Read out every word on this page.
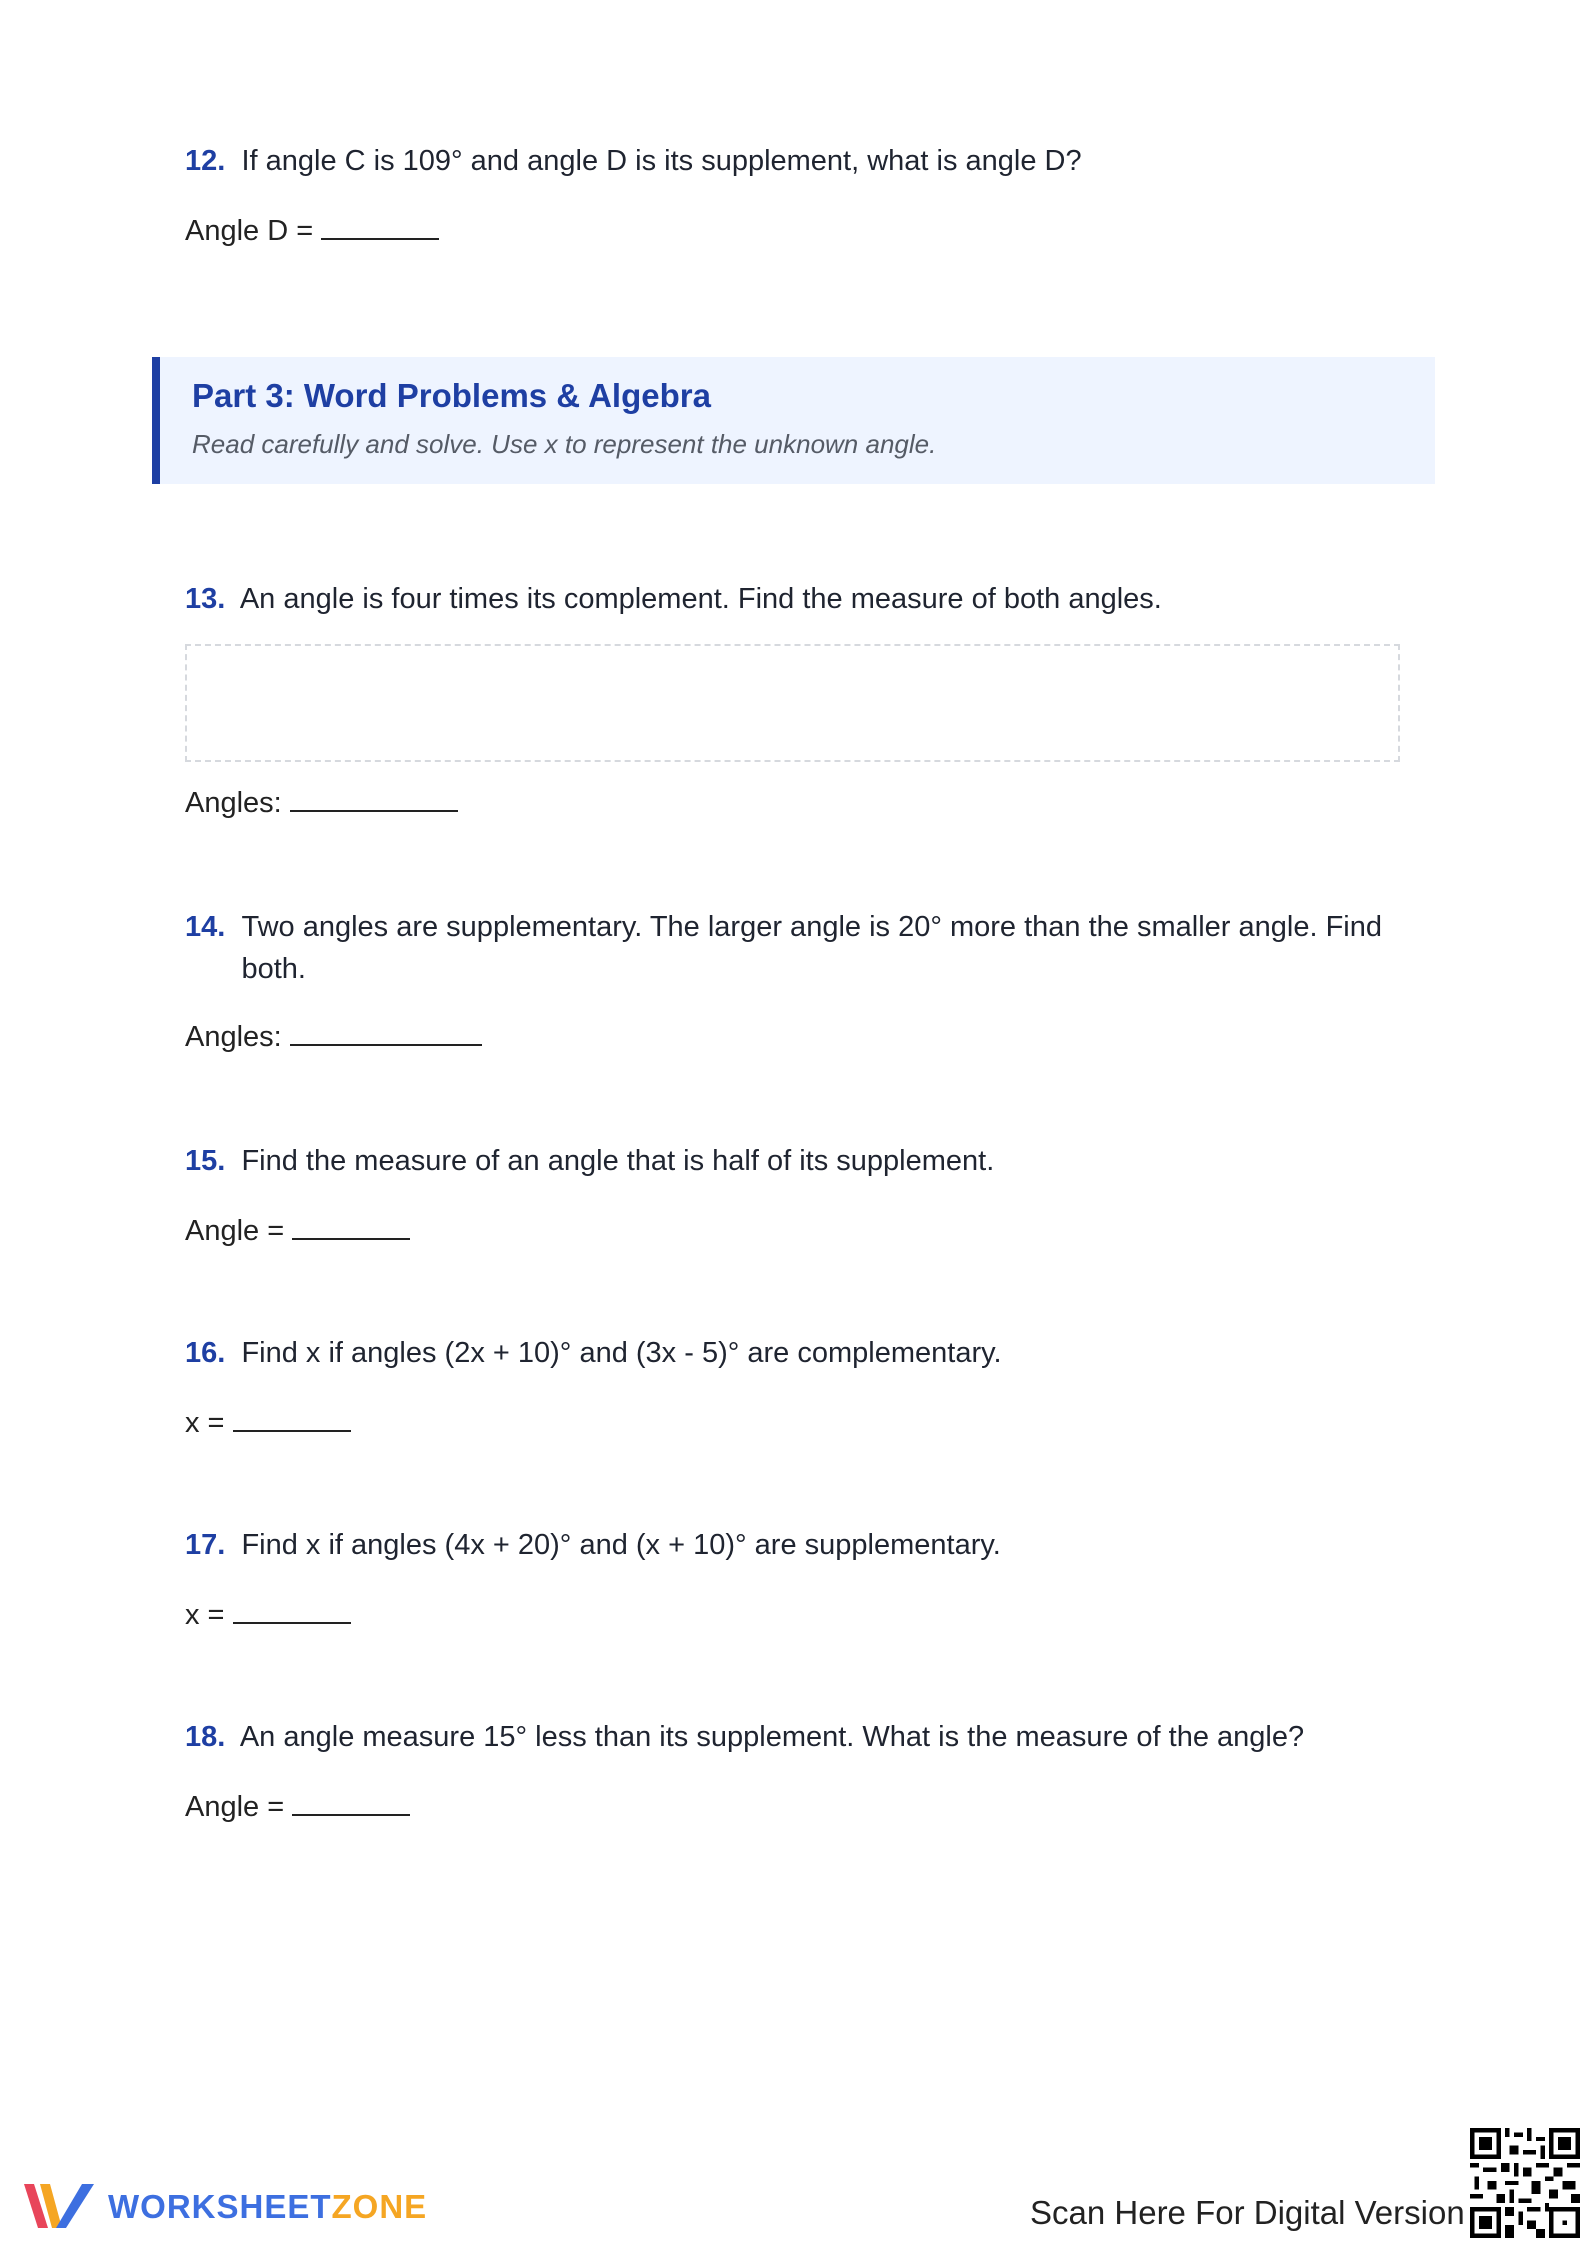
12. If angle C is 109° and angle D is its supplement, what is angle D?
Angle D =
Part 3: Word Problems & Algebra
Read carefully and solve. Use x to represent the unknown angle.
13. An angle is four times its complement. Find the measure of both angles.
Angles:
14. Two angles are supplementary. The larger angle is 20° more than the smaller angle. Find both.
Angles:
15. Find the measure of an angle that is half of its supplement.
Angle =
16. Find x if angles (2x + 10)° and (3x - 5)° are complementary.
x =
17. Find x if angles (4x + 20)° and (x + 10)° are supplementary.
x =
18. An angle measure 15° less than its supplement. What is the measure of the angle?
Angle =
WORKSHEETZONE	Scan Here For Digital Version
